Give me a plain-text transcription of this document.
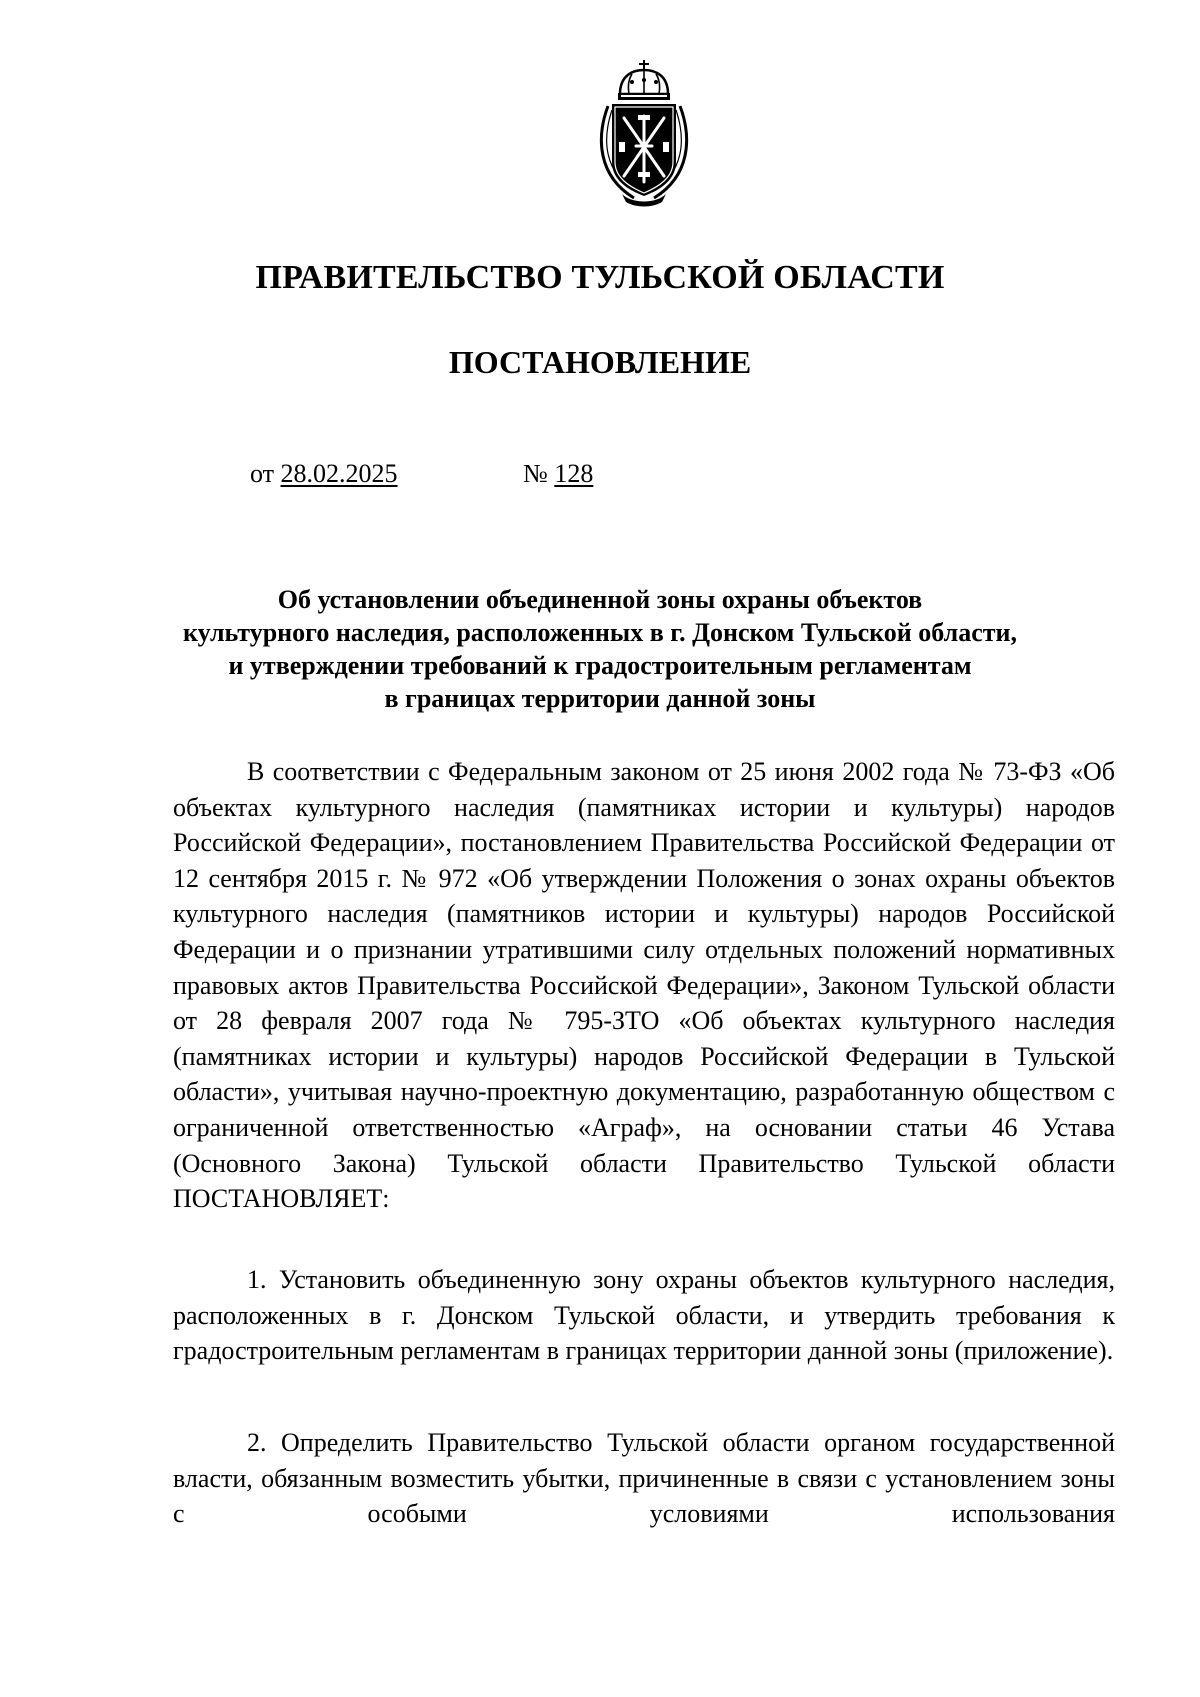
ПРАВИТЕЛЬСТВО ТУЛЬСКОЙ ОБЛАСТИ
ПОСТАНОВЛЕНИЕ
от 28.02.2025	№ 128
Об установлении объединенной зоны охраны объектов
культурного наследия, расположенных в г. Донском Тульской области,
и утверждении требований к градостроительным регламентам
в границах территории данной зоны

В соответствии с Федеральным законом от 25 июня 2002 года № 73-ФЗ «Об объектах культурного наследия (памятниках истории и культуры) народов Российской Федерации», постановлением Правительства Российской Федерации от 12 сентября 2015 г. № 972 «Об утверждении Положения о зонах охраны объектов культурного наследия (памятников истории и культуры) народов Российской Федерации и о признании утратившими силу отдельных положений нормативных правовых актов Правительства Российской Федерации», Законом Тульской области от 28 февраля 2007 года № 795-ЗТО «Об объектах культурного наследия (памятниках истории и культуры) народов Российской Федерации в Тульской области», учитывая научно-проектную документацию, разработанную обществом с ограниченной ответственностью «Аграф», на основании статьи 46 Устава (Основного Закона) Тульской области Правительство Тульской области ПОСТАНОВЛЯЕТ:

1. Установить объединенную зону охраны объектов культурного наследия, расположенных в г. Донском Тульской области, и утвердить требования к градостроительным регламентам в границах территории данной зоны (приложение).

2. Определить Правительство Тульской области органом государственной власти, обязанным возместить убытки, причиненные в связи с установлением зоны с особыми условиями использования
